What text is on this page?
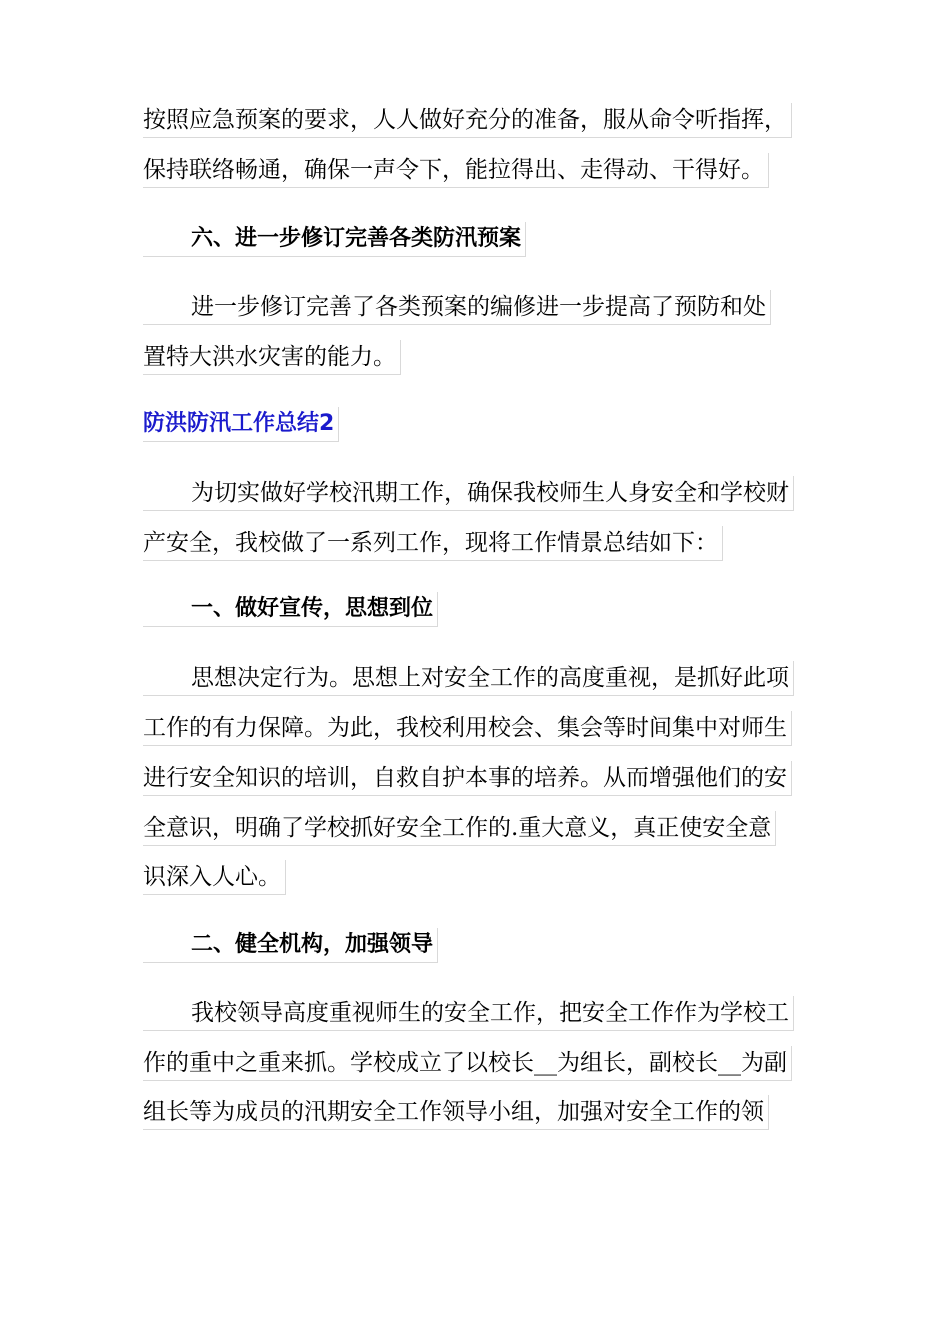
按照应急预案的要求，人人做好充分的准备，服从命令听指挥，
保持联络畅通，确保一声令下，能拉得出、走得动、干得好。
六、进一步修订完善各类防汛预案
进一步修订完善了各类预案的编修进一步提高了预防和处
置特大洪水灾害的能力。
防洪防汛工作总结2
为切实做好学校汛期工作，确保我校师生人身安全和学校财
产安全，我校做了一系列工作，现将工作情景总结如下：
一、做好宣传，思想到位
思想决定行为。思想上对安全工作的高度重视，是抓好此项
工作的有力保障。为此，我校利用校会、集会等时间集中对师生
进行安全知识的培训，自救自护本事的培养。从而增强他们的安
全意识，明确了学校抓好安全工作的.重大意义，真正使安全意
识深入人心。
二、健全机构，加强领导
我校领导高度重视师生的安全工作，把安全工作作为学校工
作的重中之重来抓。学校成立了以校长__为组长，副校长__为副
组长等为成员的汛期安全工作领导小组，加强对安全工作的领
